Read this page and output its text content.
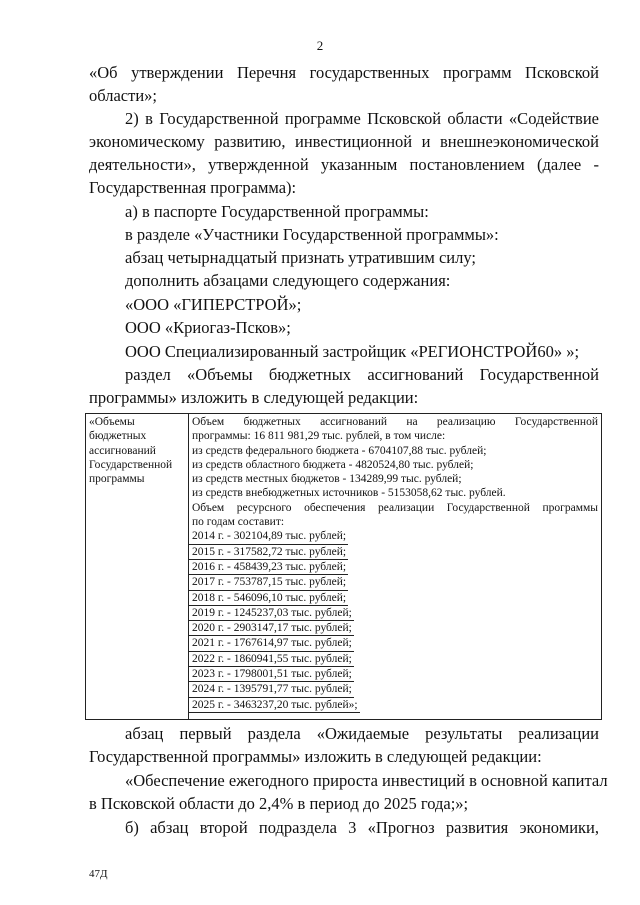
2
«Об утверждении Перечня государственных программ Псковской
области»;
2) в Государственной программе Псковской области «Содействие
экономическому развитию, инвестиционной и внешнеэкономической
деятельности», утвержденной указанным постановлением (далее -
Государственная программа):
а) в паспорте Государственной программы:
в разделе «Участники Государственной программы»:
абзац четырнадцатый признать утратившим силу;
дополнить абзацами следующего содержания:
«ООО «ГИПЕРСТРОЙ»;
ООО «Криогаз-Псков»;
ООО Специализированный застройщик «РЕГИОНСТРОЙ60» »;
раздел «Объемы бюджетных ассигнований Государственной
программы» изложить в следующей редакции:
«Объемы
бюджетных
ассигнований
Государственной
программы

Объем бюджетных ассигнований на реализацию Государственной
программы: 16 811 981,29 тыс. рублей, в том числе:
из средств федерального бюджета - 6704107,88 тыс. рублей;
из средств областного бюджета - 4820524,80 тыс. рублей;
из средств местных бюджетов - 134289,99 тыс. рублей;
из средств внебюджетных источников - 5153058,62 тыс. рублей.
Объем ресурсного обеспечения реализации Государственной программы
по годам составит:
2014 г. - 302104,89 тыс. рублей;
2015 г. - 317582,72 тыс. рублей;
2016 г. - 458439,23 тыс. рублей;
2017 г. - 753787,15 тыс. рублей;
2018 г. - 546096,10 тыс. рублей;
2019 г. - 1245237,03 тыс. рублей;
2020 г. - 2903147,17 тыс. рублей;
2021 г. - 1767614,97 тыс. рублей;
2022 г. - 1860941,55 тыс. рублей;
2023 г. - 1798001,51 тыс. рублей;
2024 г. - 1395791,77 тыс. рублей;
2025 г. - 3463237,20 тыс. рублей»;
абзац первый раздела «Ожидаемые результаты реализации
Государственной программы» изложить в следующей редакции:
«Обеспечение ежегодного прироста инвестиций в основной капитал
в Псковской области до 2,4% в период до 2025 года;»;
б) абзац второй подраздела 3 «Прогноз развития экономики,
47Д
